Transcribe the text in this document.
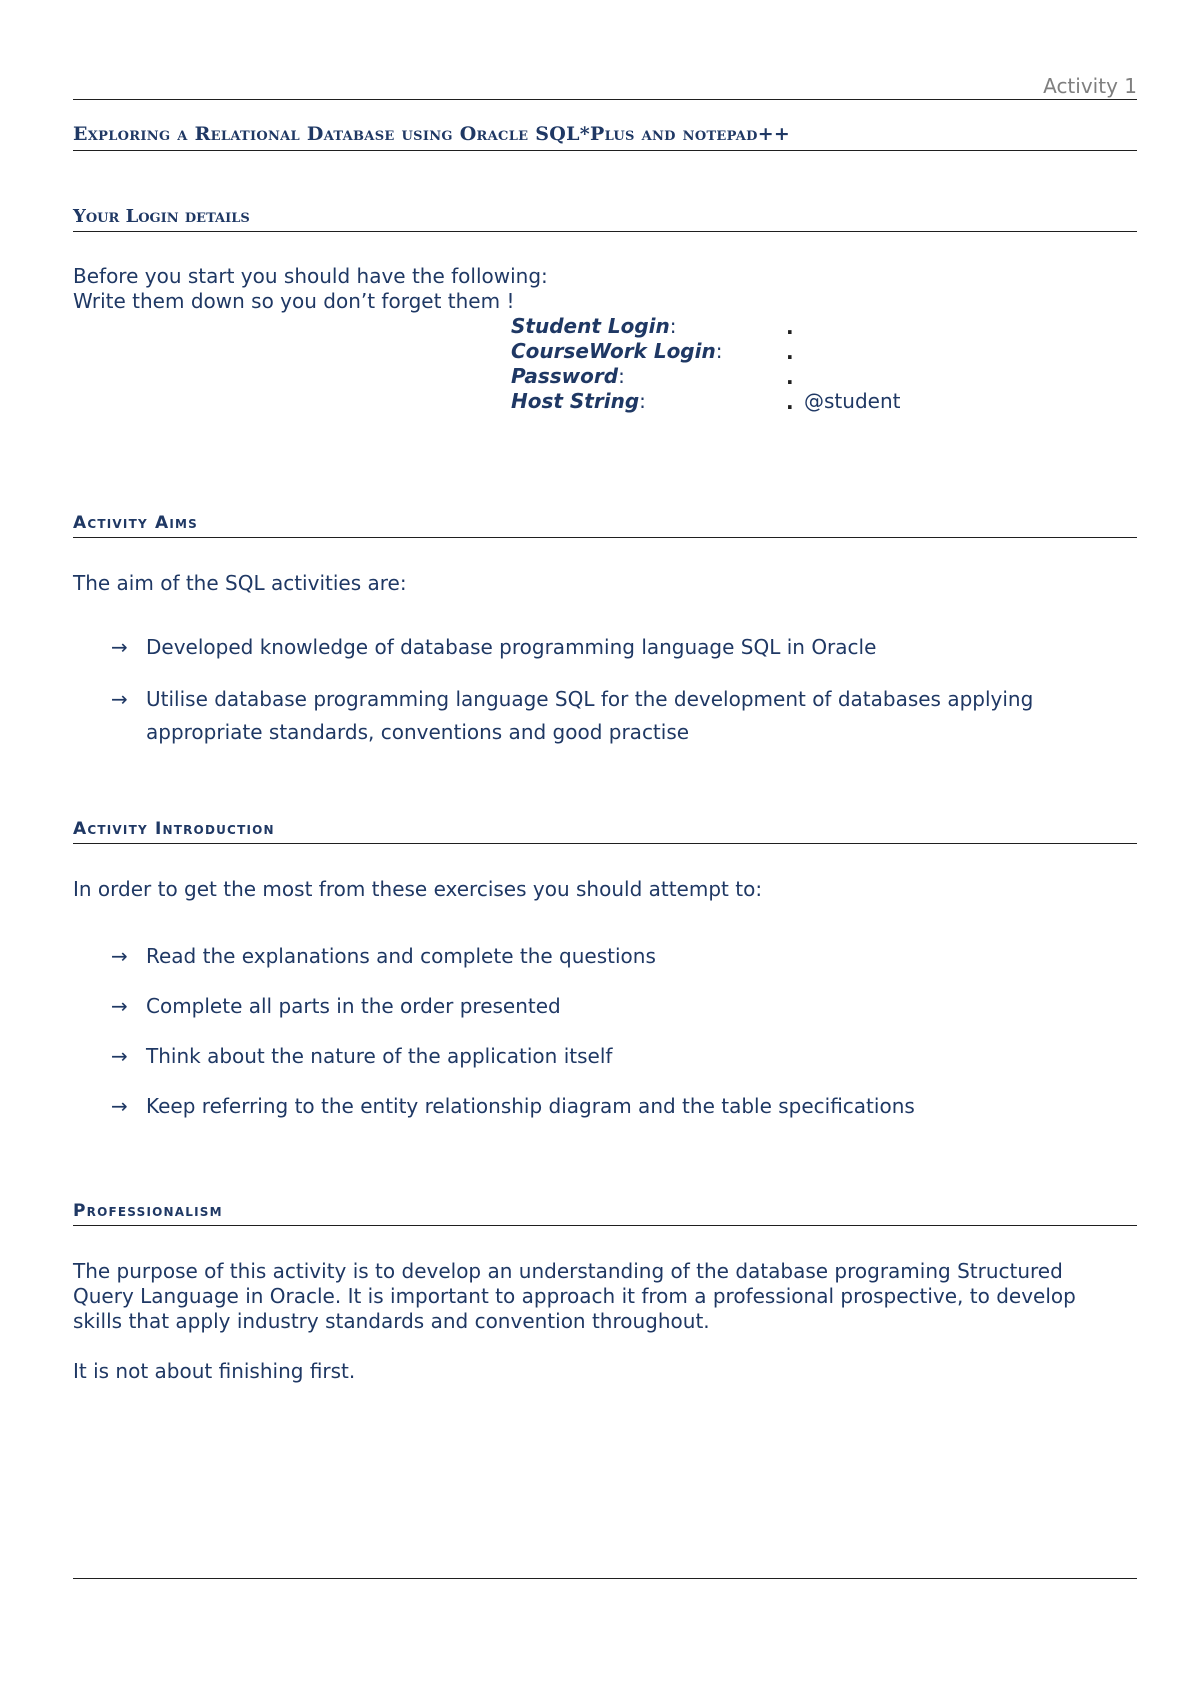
Activity 1
Exploring a Relational Database using Oracle SQL*Plus and notepad++
Your Login details
Before you start you should have the following:
Write them down so you don’t forget them !
Student Login:	·
CourseWork Login:	·
Password:	·
Host String:	· @student
Activity Aims
The aim of the SQL activities are:
→ Developed knowledge of database programming language SQL in Oracle
→ Utilise database programming language SQL for the development of databases applying appropriate standards, conventions and good practise
Activity Introduction
In order to get the most from these exercises you should attempt to:
→ Read the explanations and complete the questions
→ Complete all parts in the order presented
→ Think about the nature of the application itself
→ Keep referring to the entity relationship diagram and the table specifications
Professionalism
The purpose of this activity is to develop an understanding of the database programing Structured Query Language in Oracle. It is important to approach it from a professional prospective, to develop skills that apply industry standards and convention throughout.
It is not about finishing first.
